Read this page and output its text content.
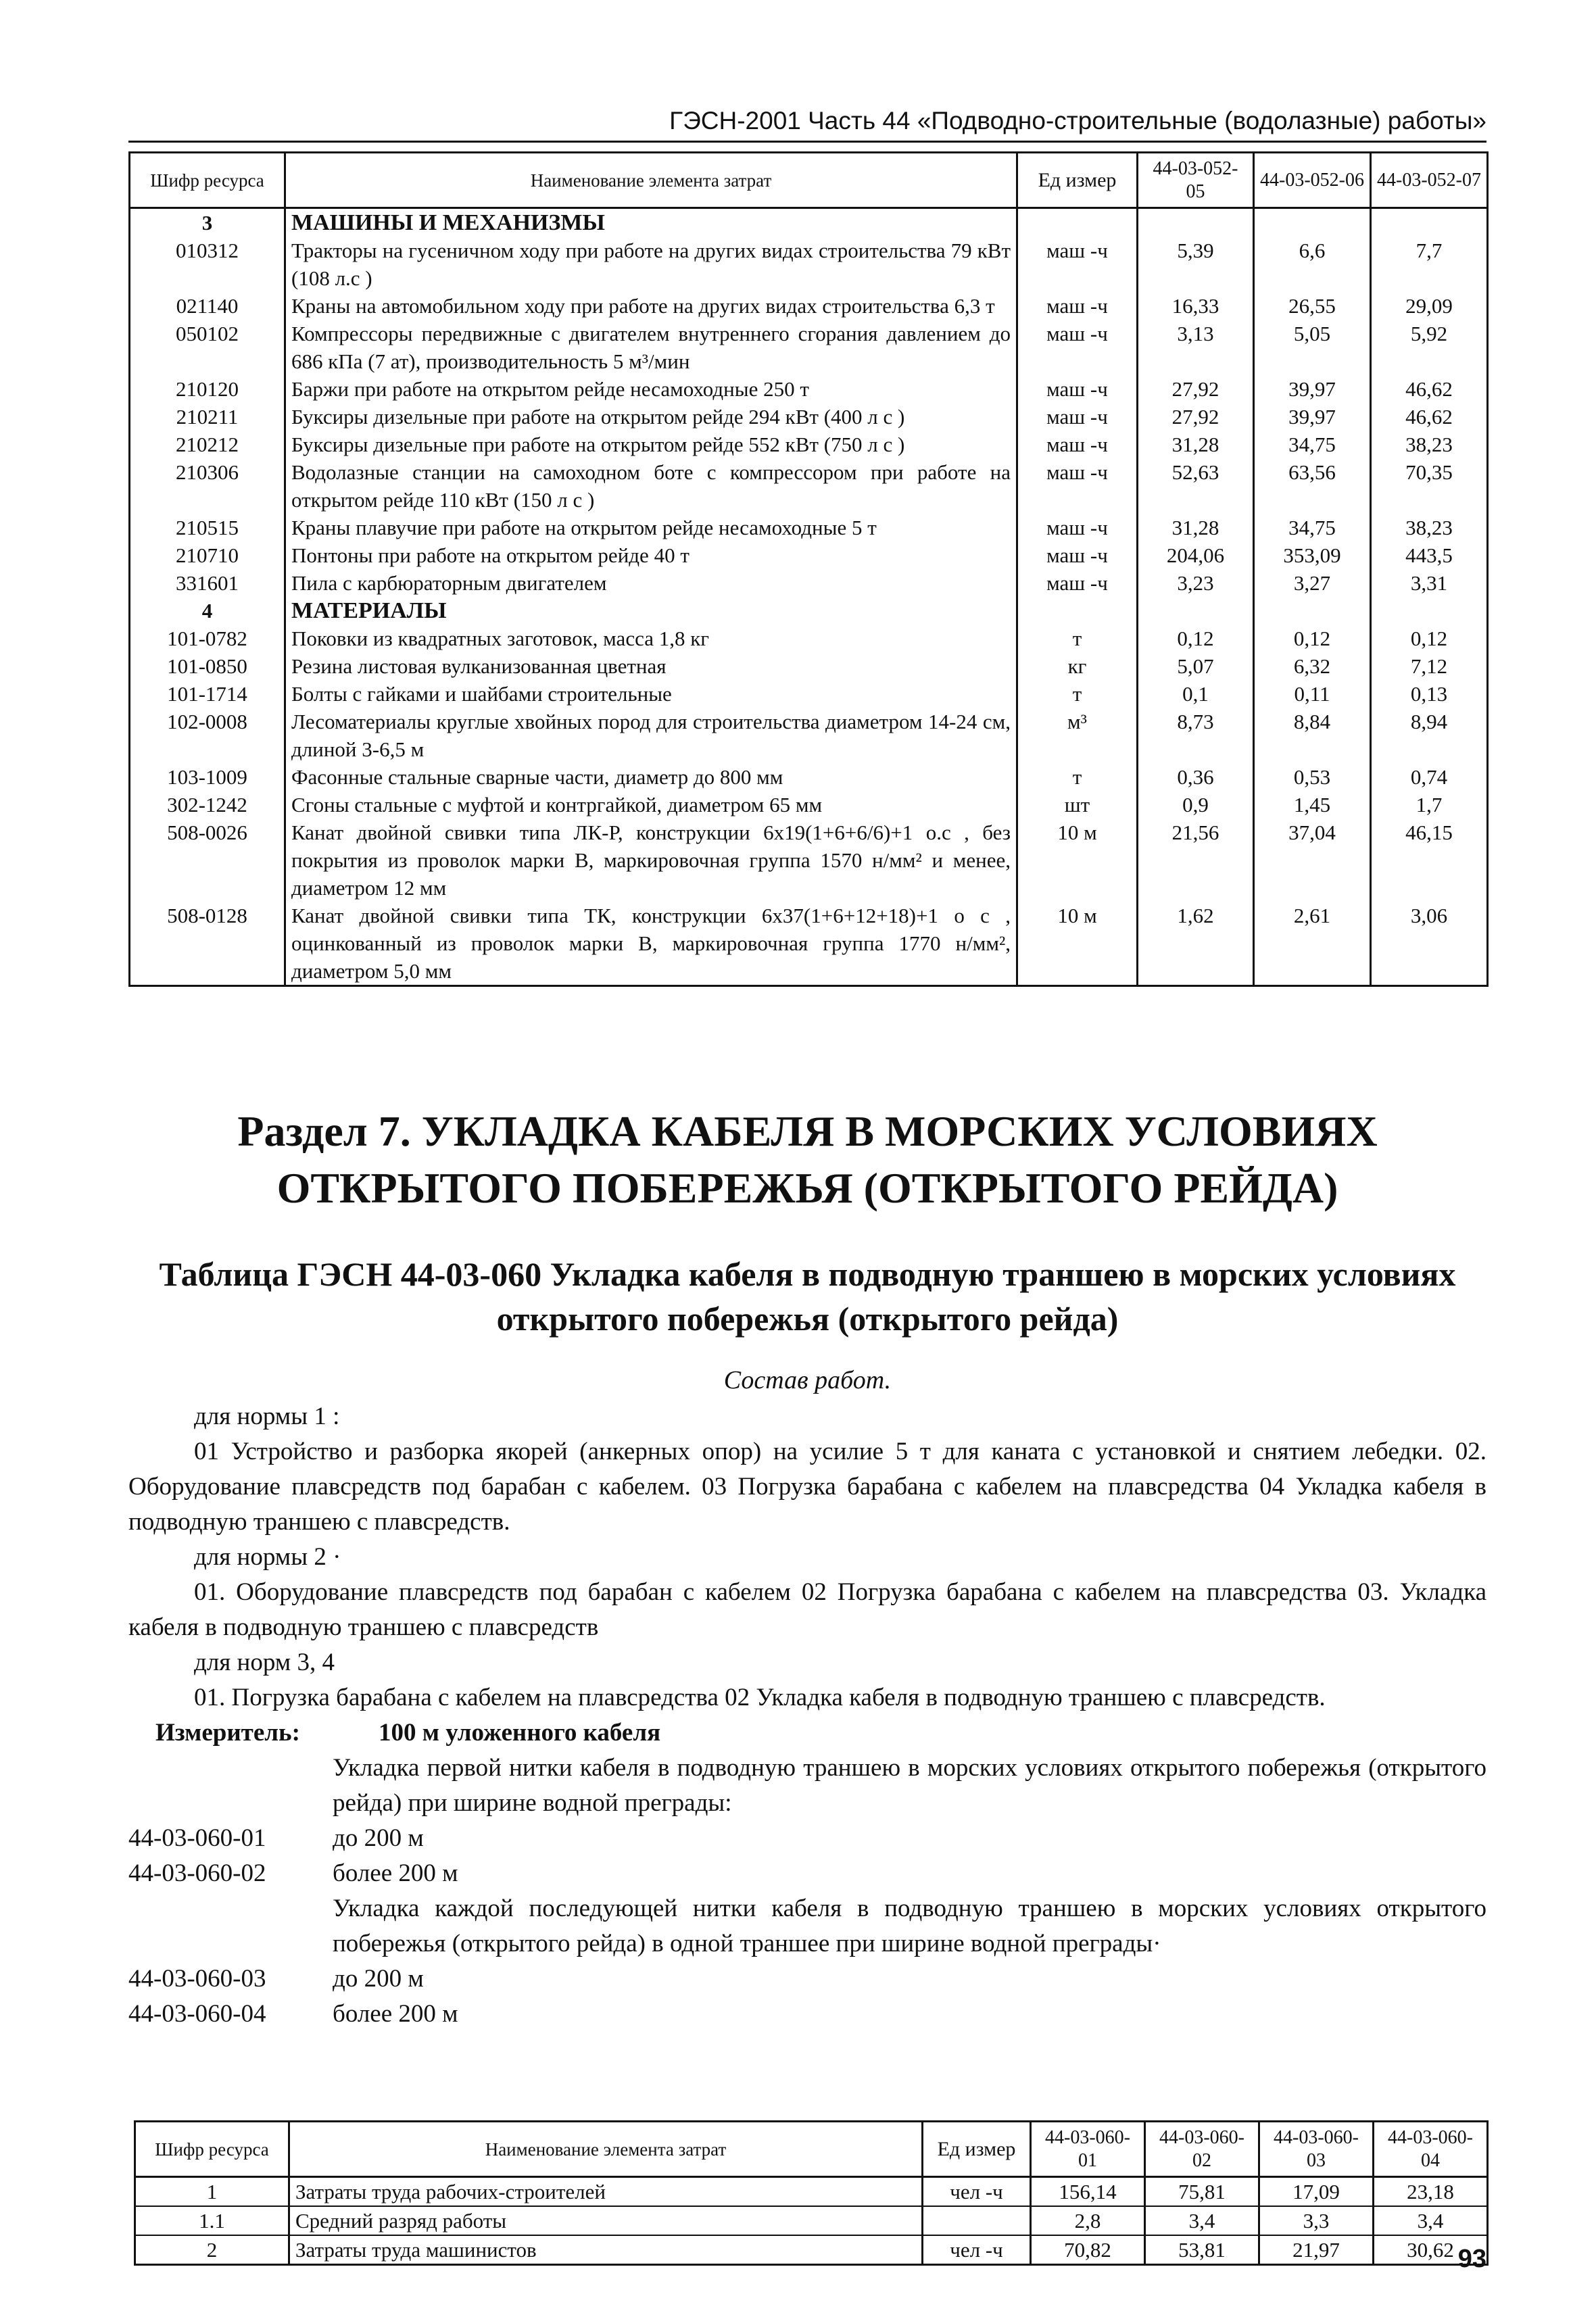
ГЭСН-2001 Часть 44 «Подводно-строительные (водолазные) работы»
Шифр ресурса	Наименование элемента затрат	Ед измер	44-03-052-05	44-03-052-06	44-03-052-07
3	МАШИНЫ И МЕХАНИЗМЫ				
010312	Тракторы на гусеничном ходу при работе на других видах строительства 79 кВт (108 л.с )	маш -ч	5,39	6,6	7,7
021140	Краны на автомобильном ходу при работе на других видах строительства 6,3 т	маш -ч	16,33	26,55	29,09
050102	Компрессоры передвижные с двигателем внутреннего сгорания давлением до 686 кПа (7 ат), производительность 5 м³/мин	маш -ч	3,13	5,05	5,92
210120	Баржи при работе на открытом рейде несамоходные 250 т	маш -ч	27,92	39,97	46,62
210211	Буксиры дизельные при работе на открытом рейде 294 кВт (400 л с )	маш -ч	27,92	39,97	46,62
210212	Буксиры дизельные при работе на открытом рейде 552 кВт (750 л с )	маш -ч	31,28	34,75	38,23
210306	Водолазные станции на самоходном боте с компрессором при работе на открытом рейде 110 кВт (150 л с )	маш -ч	52,63	63,56	70,35
210515	Краны плавучие при работе на открытом рейде несамоходные 5 т	маш -ч	31,28	34,75	38,23
210710	Понтоны при работе на открытом рейде 40 т	маш -ч	204,06	353,09	443,5
331601	Пила с карбюраторным двигателем	маш -ч	3,23	3,27	3,31
4	МАТЕРИАЛЫ				
101-0782	Поковки из квадратных заготовок, масса 1,8 кг	т	0,12	0,12	0,12
101-0850	Резина листовая вулканизованная цветная	кг	5,07	6,32	7,12
101-1714	Болты с гайками и шайбами строительные	т	0,1	0,11	0,13
102-0008	Лесоматериалы круглые хвойных пород для строительства диаметром 14-24 см, длиной 3-6,5 м	м³	8,73	8,84	8,94
103-1009	Фасонные стальные сварные части, диаметр до 800 мм	т	0,36	0,53	0,74
302-1242	Сгоны стальные с муфтой и контргайкой, диаметром 65 мм	шт	0,9	1,45	1,7
508-0026	Канат двойной свивки типа ЛК-Р, конструкции 6х19(1+6+6/6)+1 о.с , без покрытия из проволок марки В, маркировочная группа 1570 н/мм² и менее, диаметром 12 мм	10 м	21,56	37,04	46,15
508-0128	Канат двойной свивки типа ТК, конструкции 6х37(1+6+12+18)+1 о с , оцинкованный из проволок марки В, маркировочная группа 1770 н/мм², диаметром 5,0 мм	10 м	1,62	2,61	3,06
Раздел 7. УКЛАДКА КАБЕЛЯ В МОРСКИХ УСЛОВИЯХ ОТКРЫТОГО ПОБЕРЕЖЬЯ (ОТКРЫТОГО РЕЙДА)
Таблица ГЭСН 44-03-060 Укладка кабеля в подводную траншею в морских условиях открытого побережья (открытого рейда)
Состав работ.
для нормы 1 :
01 Устройство и разборка якорей (анкерных опор) на усилие 5 т для каната с установкой и снятием лебедки. 02. Оборудование плавсредств под барабан с кабелем. 03 Погрузка барабана с кабелем на плавсредства 04 Укладка кабеля в подводную траншею с плавсредств.
для нормы 2 ·
01. Оборудование плавсредств под барабан с кабелем 02 Погрузка барабана с кабелем на плавсредства 03. Укладка кабеля в подводную траншею с плавсредств
для норм 3, 4
01. Погрузка барабана с кабелем на плавсредства 02 Укладка кабеля в подводную траншею с плавсредств.
Измеритель:	100 м уложенного кабеля
Укладка первой нитки кабеля в подводную траншею в морских условиях открытого побережья (открытого рейда) при ширине водной преграды:
44-03-060-01	до 200 м
44-03-060-02	более 200 м
Укладка каждой последующей нитки кабеля в подводную траншею в морских условиях открытого побережья (открытого рейда) в одной траншее при ширине водной преграды·
44-03-060-03	до 200 м
44-03-060-04	более 200 м
Шифр ресурса	Наименование элемента затрат	Ед измер	44-03-060-01	44-03-060-02	44-03-060-03	44-03-060-04
1	Затраты труда рабочих-строителей	чел -ч	156,14	75,81	17,09	23,18
1.1	Средний разряд работы		2,8	3,4	3,3	3,4
2	Затраты труда машинистов	чел -ч	70,82	53,81	21,97	30,62 93
